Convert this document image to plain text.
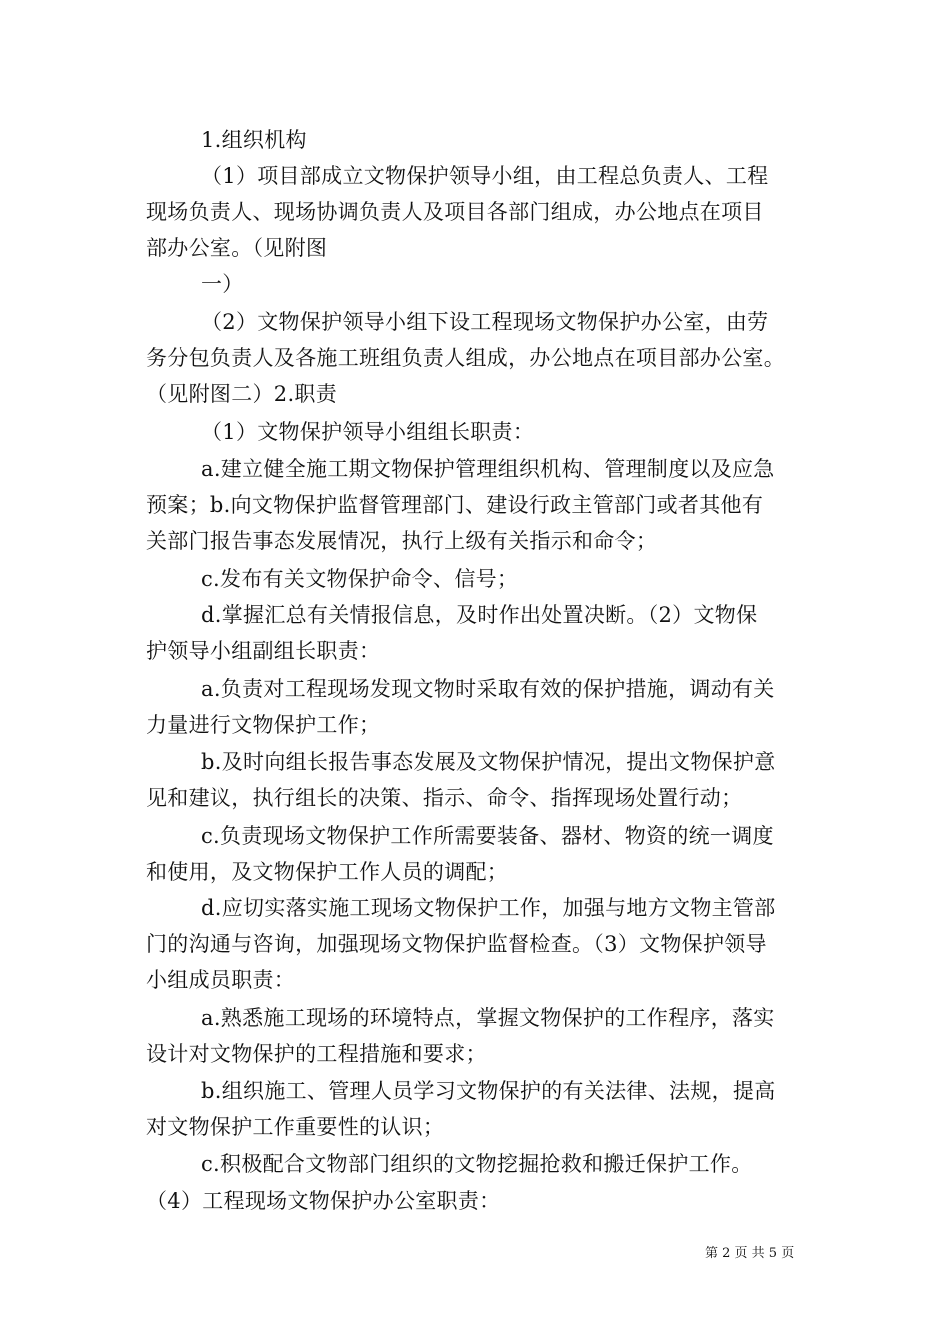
1.组织机构
（1）项目部成立文物保护领导小组，由工程总负责人、工程
现场负责人、现场协调负责人及项目各部门组成，办公地点在项目
部办公室。（见附图
一）
（2）文物保护领导小组下设工程现场文物保护办公室，由劳
务分包负责人及各施工班组负责人组成，办公地点在项目部办公室。
（见附图二）2.职责
（1）文物保护领导小组组长职责：
a.建立健全施工期文物保护管理组织机构、管理制度以及应急
预案；b.向文物保护监督管理部门、建设行政主管部门或者其他有
关部门报告事态发展情况，执行上级有关指示和命令；
c.发布有关文物保护命令、信号；
d.掌握汇总有关情报信息，及时作出处置决断。（2）文物保
护领导小组副组长职责：
a.负责对工程现场发现文物时采取有效的保护措施，调动有关
力量进行文物保护工作；
b.及时向组长报告事态发展及文物保护情况，提出文物保护意
见和建议，执行组长的决策、指示、命令、指挥现场处置行动；
c.负责现场文物保护工作所需要装备、器材、物资的统一调度
和使用，及文物保护工作人员的调配；
d.应切实落实施工现场文物保护工作，加强与地方文物主管部
门的沟通与咨询，加强现场文物保护监督检查。（3）文物保护领导
小组成员职责：
a.熟悉施工现场的环境特点，掌握文物保护的工作程序，落实
设计对文物保护的工程措施和要求；
b.组织施工、管理人员学习文物保护的有关法律、法规，提高
对文物保护工作重要性的认识；
c.积极配合文物部门组织的文物挖掘抢救和搬迁保护工作。
（4）工程现场文物保护办公室职责：
第 2 页 共 5 页
